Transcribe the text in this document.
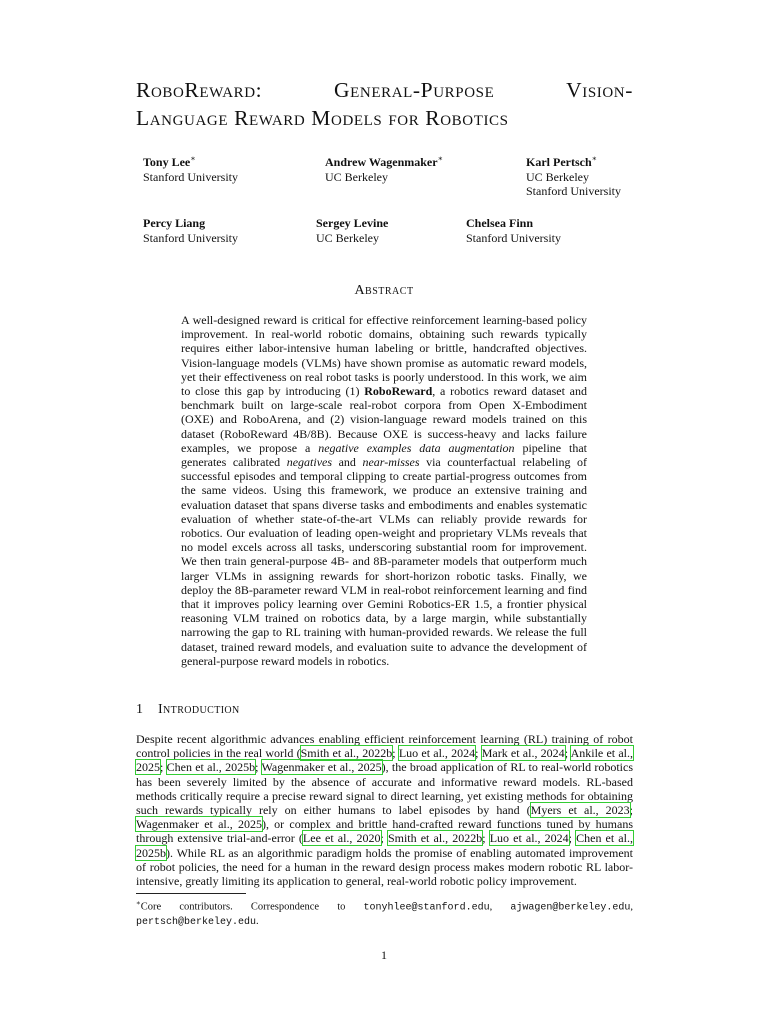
RoboReward:	General-Purpose	Vision-
Language Reward Models for Robotics
Tony Lee∗
Stanford University
Andrew Wagenmaker∗
UC Berkeley
Karl Pertsch∗
UC Berkeley
Stanford University
Percy Liang
Stanford University
Sergey Levine
UC Berkeley
Chelsea Finn
Stanford University
Abstract
A well-designed reward is critical for effective reinforcement learning-based policy improvement. In real-world robotic domains, obtaining such rewards typically requires either labor-intensive human labeling or brittle, handcrafted objectives. Vision-language models (VLMs) have shown promise as automatic reward models, yet their effectiveness on real robot tasks is poorly understood. In this work, we aim to close this gap by introducing (1) RoboReward, a robotics reward dataset and benchmark built on large-scale real-robot corpora from Open X-Embodiment (OXE) and RoboArena, and (2) vision-language reward models trained on this dataset (RoboReward 4B/8B). Because OXE is success-heavy and lacks failure examples, we propose a negative examples data augmentation pipeline that generates calibrated negatives and near-misses via counterfactual relabeling of successful episodes and temporal clipping to create partial-progress outcomes from the same videos. Using this framework, we produce an extensive training and evaluation dataset that spans diverse tasks and embodiments and enables systematic evaluation of whether state-of-the-art VLMs can reliably provide rewards for robotics. Our evaluation of leading open-weight and proprietary VLMs reveals that no model excels across all tasks, underscoring substantial room for improvement. We then train general-purpose 4B- and 8B-parameter models that outperform much larger VLMs in assigning rewards for short-horizon robotic tasks. Finally, we deploy the 8B-parameter reward VLM in real-robot reinforcement learning and find that it improves policy learning over Gemini Robotics-ER 1.5, a frontier physical reasoning VLM trained on robotics data, by a large margin, while substantially narrowing the gap to RL training with human-provided rewards. We release the full dataset, trained reward models, and evaluation suite to advance the development of general-purpose reward models in robotics.
1 Introduction
Despite recent algorithmic advances enabling efficient reinforcement learning (RL) training of robot control policies in the real world (Smith et al., 2022b; Luo et al., 2024; Mark et al., 2024; Ankile et al., 2025; Chen et al., 2025b; Wagenmaker et al., 2025), the broad application of RL to real-world robotics has been severely limited by the absence of accurate and informative reward models. RL-based methods critically require a precise reward signal to direct learning, yet existing methods for obtaining such rewards typically rely on either humans to label episodes by hand (Myers et al., 2023; Wagenmaker et al., 2025), or complex and brittle hand-crafted reward functions tuned by humans through extensive trial-and-error (Lee et al., 2020; Smith et al., 2022b; Luo et al., 2024; Chen et al., 2025b). While RL as an algorithmic paradigm holds the promise of enabling automated improvement of robot policies, the need for a human in the reward design process makes modern robotic RL labor-intensive, greatly limiting its application to general, real-world robotic policy improvement.
∗Core contributors. Correspondence to tonyhlee@stanford.edu, ajwagen@berkeley.edu, pertsch@berkeley.edu.
1
